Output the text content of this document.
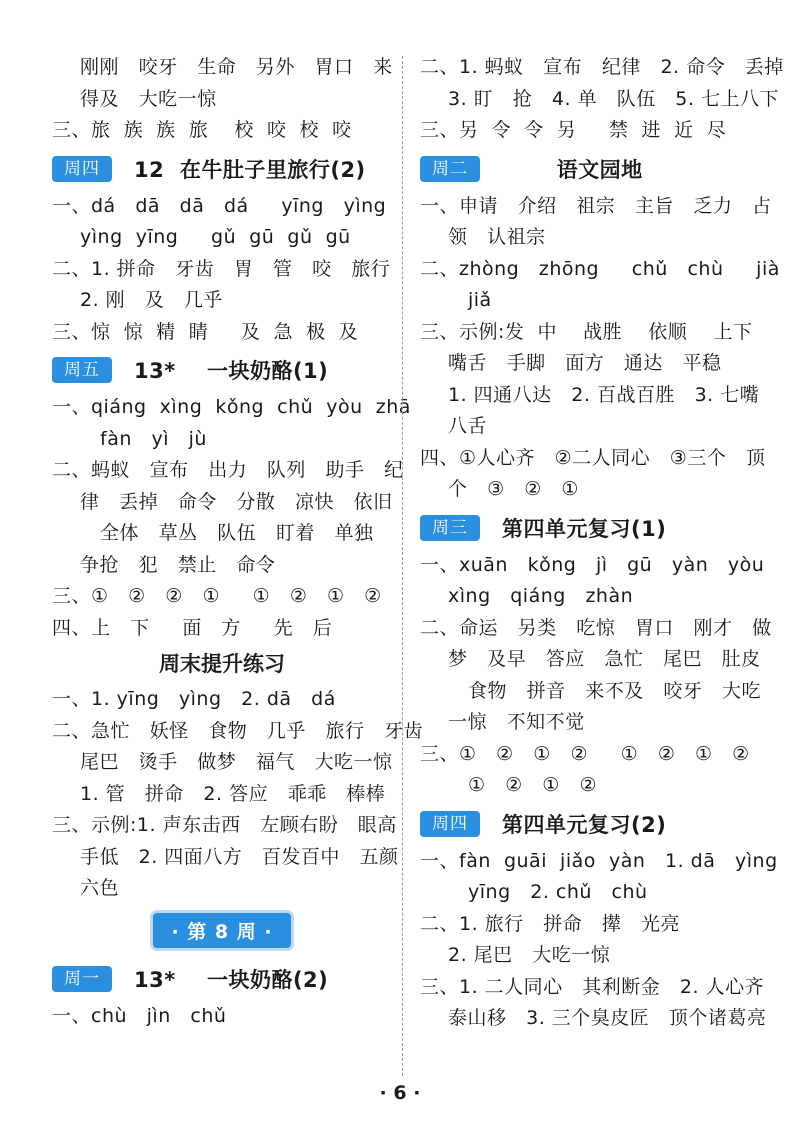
刚刚   咬牙   生命   另外   胃口   来
得及   大吃一惊
三、旅  族  族  旅    校  咬  校  咬
周四	12  在牛肚子里旅行(2)
一、dá   dā   dā   dá     yīng   yìng
yìng  yīng     gǔ  gū  gǔ  gū
二、1. 拼命   牙齿   胃   管   咬   旅行
2. 刚   及   几乎
三、惊  惊  精  睛     及  急  极  及
周五	13*    一块奶酪(1)
一、qiáng  xìng  kǒng  chǔ  yòu  zhā
fàn   yì   jù
二、蚂蚁   宣布   出力   队列   助手   纪
律   丢掉   命令   分散   凉快   依旧
全体   草丛   队伍   盯着   单独
争抢   犯   禁止   命令
三、①   ②   ②   ①     ①   ②   ①   ②
四、上   下     面   方     先   后
周末提升练习
一、1. yīng   yìng   2. dā   dá
二、急忙   妖怪   食物   几乎   旅行   牙齿
尾巴   烫手   做梦   福气   大吃一惊
1. 管   拼命   2. 答应   乖乖   棒棒
三、示例:1. 声东击西   左顾右盼   眼高
手低   2. 四面八方   百发百中   五颜
六色
· 第 8 周 ·
周一	13*    一块奶酪(2)
一、chù   jìn   chǔ
二、1. 蚂蚁   宣布   纪律   2. 命令   丢掉
3. 盯   抢   4. 单   队伍   5. 七上八下
三、另  令  令  另     禁  进  近  尽
周二	语文园地
一、申请   介绍   祖宗   主旨   乏力   占
领   认祖宗
二、zhòng   zhōng     chǔ   chù     jià
jiǎ
三、示例:发  中    战胜    依顺    上下
嘴舌   手脚   面方   通达   平稳
1. 四通八达   2. 百战百胜   3. 七嘴
八舌
四、①人心齐   ②二人同心   ③三个   顶
个   ③   ②   ①
周三	第四单元复习(1)
一、xuān   kǒng   jì   gū   yàn   yòu
xìng   qiáng   zhàn
二、命运   另类   吃惊   胃口   刚才   做
梦   及早   答应   急忙   尾巴   肚皮
食物   拼音   来不及   咬牙   大吃
一惊   不知不觉
三、①   ②   ①   ②     ①   ②   ①   ②
①   ②   ①   ②
周四	第四单元复习(2)
一、fàn  guāi  jiǎo  yàn   1. dā   yìng
yīng   2. chǔ   chù
二、1. 旅行   拼命   撵   光亮
2. 尾巴   大吃一惊
三、1. 二人同心   其利断金   2. 人心齐
泰山移   3. 三个臭皮匠   顶个诸葛亮
· 6 ·
